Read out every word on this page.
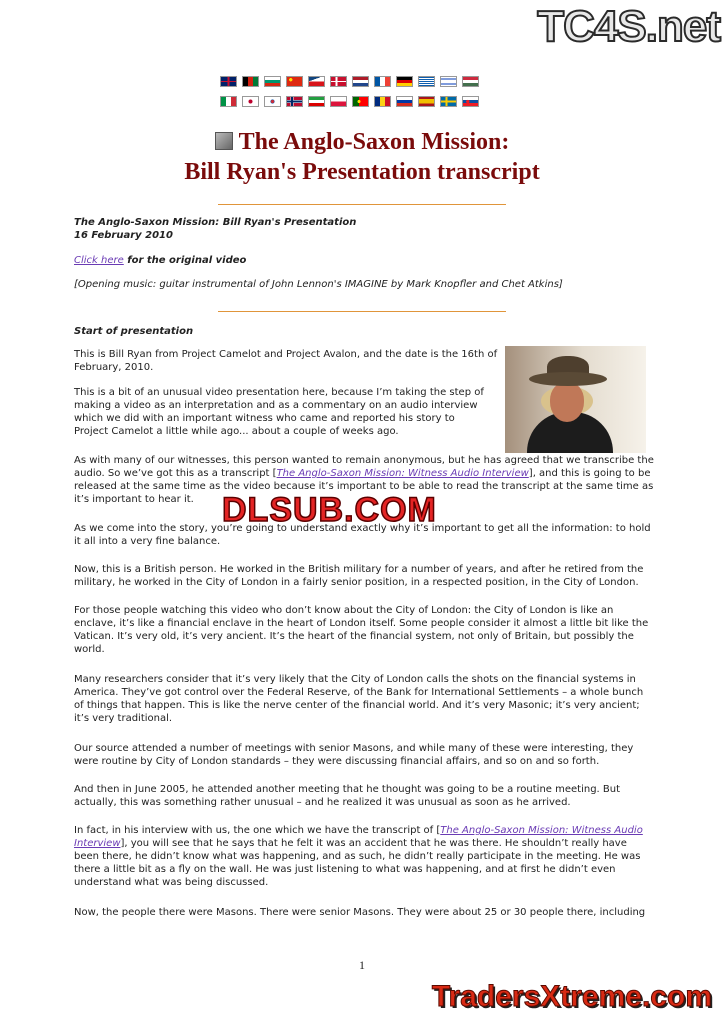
TC4S.net
The Anglo-Saxon Mission:
Bill Ryan's Presentation transcript

The Anglo-Saxon Mission: Bill Ryan's Presentation

16 February 2010

Click here for the original video

[Opening music: guitar instrumental of John Lennon's IMAGINE by Mark Knopfler and Chet Atkins]
Start of presentation
This is Bill Ryan from Project Camelot and Project Avalon, and the date is the 16th of February, 2010.
This is a bit of an unusual video presentation here, because I’m taking the step of making a video as an interpretation and as a commentary on an audio interview which we did with an important witness who came and reported his story to Project Camelot a little while ago... about a couple of weeks ago.

As with many of our witnesses, this person wanted to remain anonymous, but he has agreed that we transcribe the audio. So we’ve got this as a transcript [The Anglo-Saxon Mission: Witness Audio Interview], and this is going to be released at the same time as the video because it’s important to be able to read the transcript at the same time as it’s important to hear it. DLSUB.COM
As we come into the story, you’re going to understand exactly why it’s important to get all the information: to hold it all into a very fine balance.
Now, this is a British person. He worked in the British military for a number of years, and after he retired from the military, he worked in the City of London in a fairly senior position, in a respected position, in the City of London.
For those people watching this video who don’t know about the City of London: the City of London is like an enclave, it’s like a financial enclave in the heart of London itself. Some people consider it almost a little bit like the Vatican. It’s very old, it’s very ancient. It’s the heart of the financial system, not only of Britain, but possibly the world.
Many researchers consider that it’s very likely that the City of London calls the shots on the financial systems in America. They’ve got control over the Federal Reserve, of the Bank for International Settlements – a whole bunch of things that happen. This is like the nerve center of the financial world. And it’s very Masonic; it’s very ancient; it’s very traditional.
Our source attended a number of meetings with senior Masons, and while many of these were interesting, they were routine by City of London standards – they were discussing financial affairs, and so on and so forth.
And then in June 2005, he attended another meeting that he thought was going to be a routine meeting. But actually, this was something rather unusual – and he realized it was unusual as soon as he arrived.

In fact, in his interview with us, the one which we have the transcript of [The Anglo-Saxon Mission: Witness Audio Interview], you will see that he says that he felt it was an accident that he was there. He shouldn’t really have been there, he didn’t know what was happening, and as such, he didn’t really participate in the meeting. He was there a little bit as a fly on the wall. He was just listening to what was happening, and at first he didn’t even understand what was being discussed.

Now, the people there were Masons. There were senior Masons. They were about 25 or 30 people there, including
1
TradersXtreme.com
